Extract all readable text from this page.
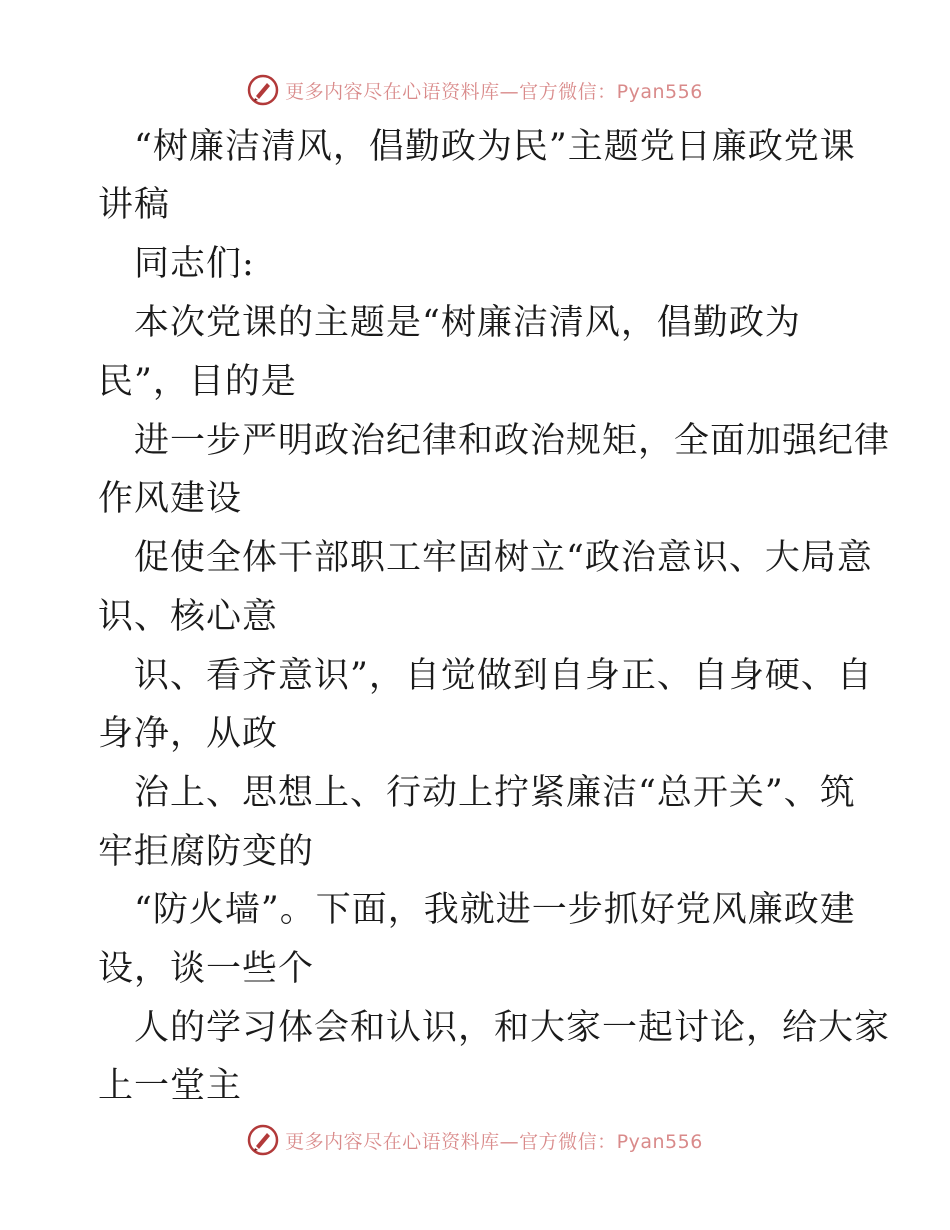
更多内容尽在心语资料库—官方微信：Pyan556
“树廉洁清风，倡勤政为民”主题党日廉政党课
讲稿
同志们:
本次党课的主题是“树廉洁清风，倡勤政为
民”，目的是
进一步严明政治纪律和政治规矩，全面加强纪律
作风建设
促使全体干部职工牢固树立“政治意识、大局意
识、核心意
识、看齐意识”，自觉做到自身正、自身硬、自
身净，从政
治上、思想上、行动上拧紧廉洁“总开关”、筑
牢拒腐防变的
“防火墙”。下面，我就进一步抓好党风廉政建
设，谈一些个
人的学习体会和认识，和大家一起讨论，给大家
上一堂主
更多内容尽在心语资料库—官方微信：Pyan556
